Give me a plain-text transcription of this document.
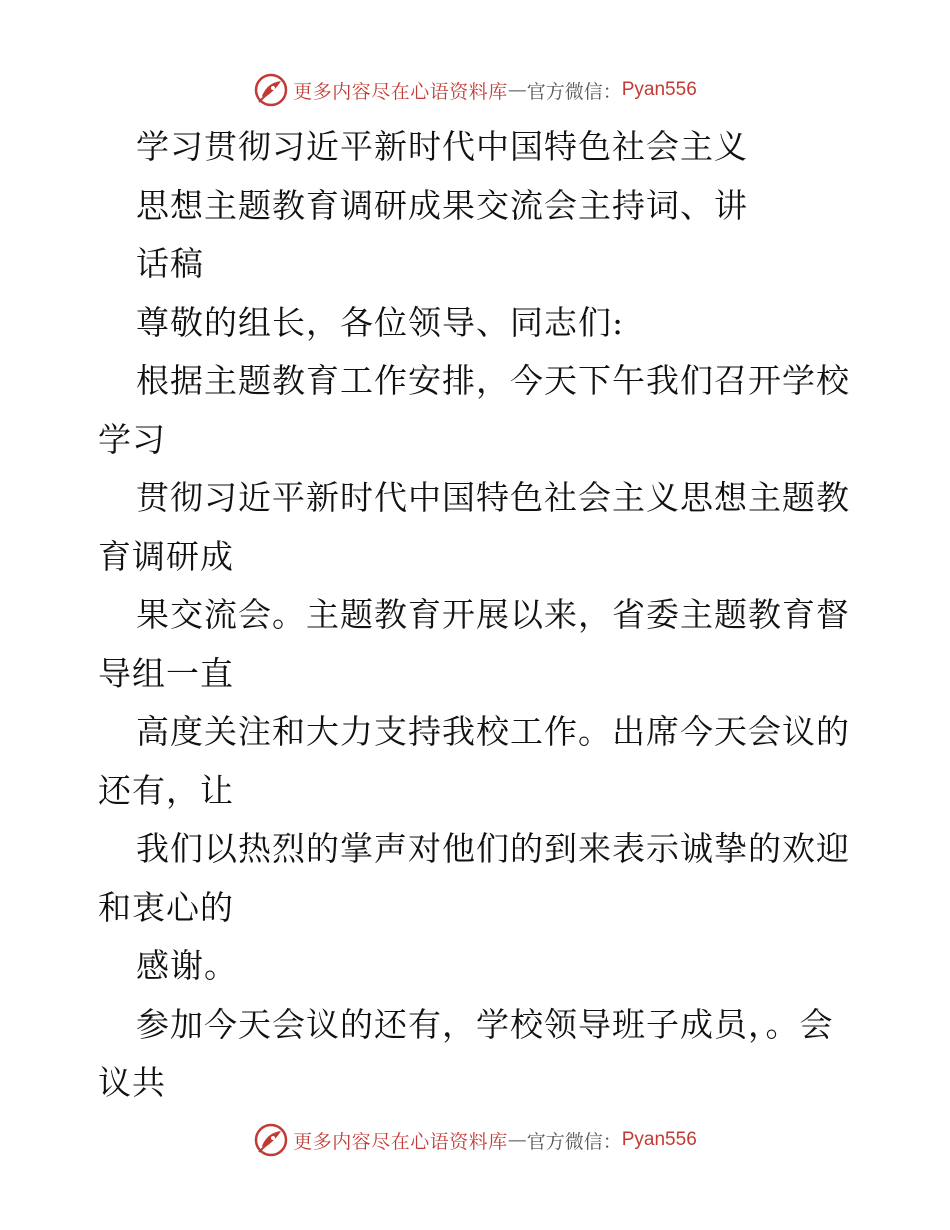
更多内容尽在心语资料库 — 官方微信： Pyan556
学习贯彻习近平新时代中国特色社会主义
思想主题教育调研成果交流会主持词、讲
话稿
尊敬的组长，各位领导、同志们:
根据主题教育工作安排，今天下午我们召开学校
学习
贯彻习近平新时代中国特色社会主义思想主题教
育调研成
果交流会。主题教育开展以来，省委主题教育督
导组一直
高度关注和大力支持我校工作。出席今天会议的
还有，让
我们以热烈的掌声对他们的到来表示诚挚的欢迎
和衷心的
感谢。
参加今天会议的还有，学校领导班子成员，。会
议共
更多内容尽在心语资料库 — 官方微信： Pyan556
